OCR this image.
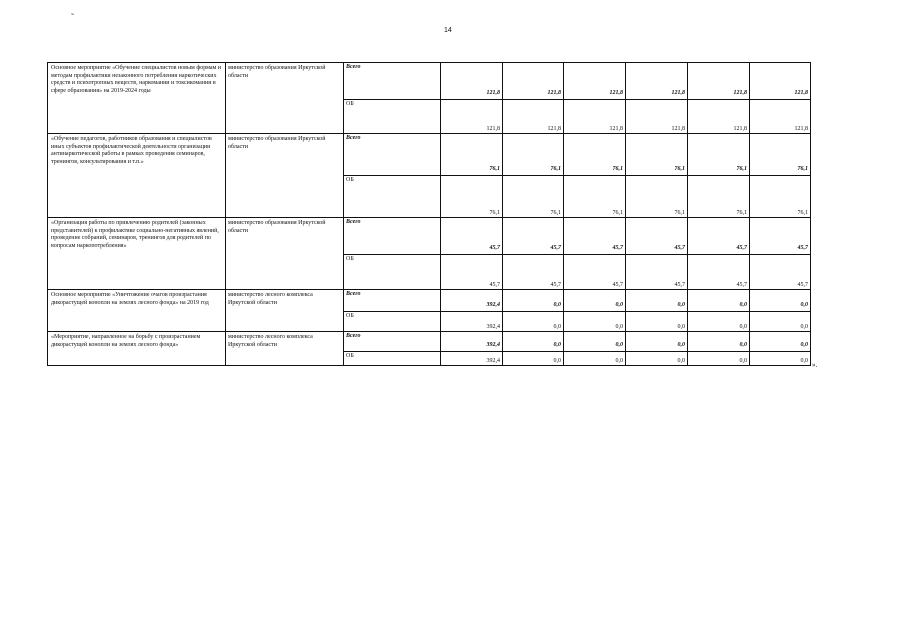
˜
14
Основное мероприятие «Обучение специалистов новым формам и методам профилактики незаконного потребления наркотических средств и психотропных веществ, наркомании и токсикомании в сфере образования» на 2019-2024 годы	министерство образования Иркутской области	Всего	121,8	121,8	121,8	121,8	121,8	121,8
		ОБ	121,8	121,8	121,8	121,8	121,8	121,8
«Обучение педагогов, работников образования и специалистов иных субъектов профилактической деятельности организации антинаркотической работы в рамках проведения семинаров, тренингов, консультирования и т.п.»	министерство образования Иркутской области	Всего	76,1	76,1	76,1	76,1	76,1	76,1
		ОБ	76,1	76,1	76,1	76,1	76,1	76,1
«Организация работы по привлечению родителей (законных представителей) к профилактике социально-негативных явлений, проведение собраний, семинаров, тренингов для родителей по вопросам наркопотребления»	министерство образования Иркутской области	Всего	45,7	45,7	45,7	45,7	45,7	45,7
		ОБ	45,7	45,7	45,7	45,7	45,7	45,7
Основное мероприятие «Уничтожение очагов произрастания дикорастущей конопли на землях лесного фонда» на 2019 год	министерство лесного комплекса Иркутской области	Всего	392,4	0,0	0,0	0,0	0,0	0,0
		ОБ	392,4	0,0	0,0	0,0	0,0	0,0
«Мероприятие, направленное на борьбу с произрастанием дикорастущей конопли на землях лесного фонда»	министерство лесного комплекса Иркутской области	Всего	392,4	0,0	0,0	0,0	0,0	0,0
		ОБ	392,4	0,0	0,0	0,0	0,0	0,0
».
